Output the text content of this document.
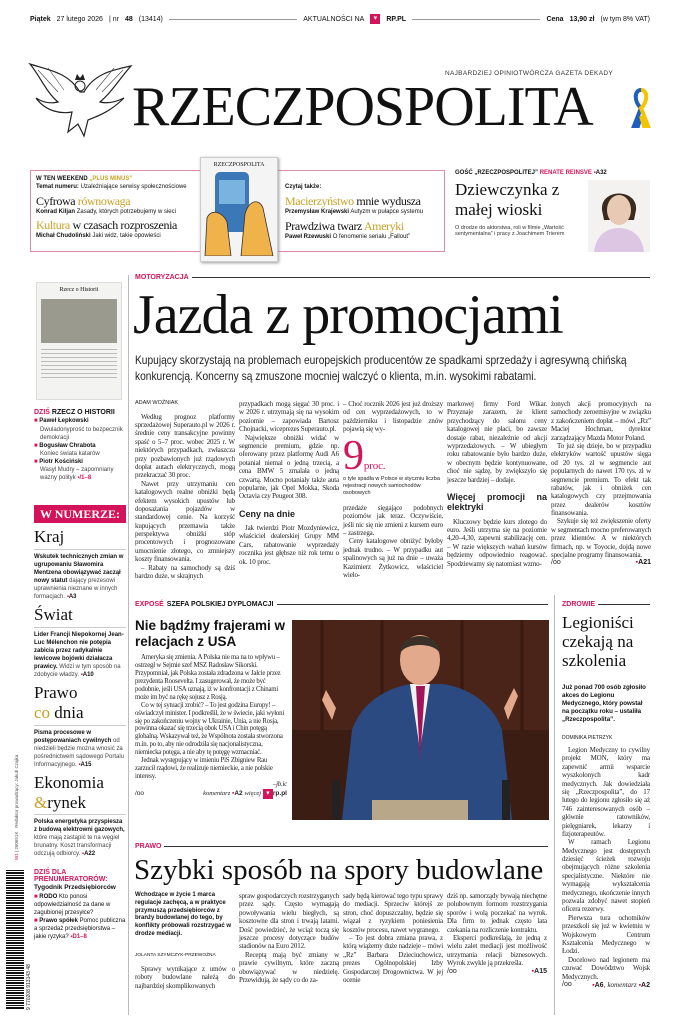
Piątek 27 lutego 2026 | nr 48 (13414)	AKTUALNOŚCI NA	▾	RP.PL	Cena 13,90 zł (w tym 8% VAT)
RZECZPOSPOLITA
NAJBARDZIEJ OPINIOTWÓRCZA GAZETA DEKADY
W TEN WEEKEND „PLUS MINUS”
Temat numeru: Uzależniające serwisy społecznościowe
Cyfrowa równowaga
Konrad Kiljan Zasady, których potrzebujemy w sieci
Kultura w czasach rozproszenia
Michał Chudoliński Jaki widz, takie opowieści
RZECZPOSPOLITA
Czytaj także:
Macierzyństwo mnie wydusza
Przemysław Krajewski Autyzm w pułapce systemu
Prawdziwa twarz Ameryki
Paweł Rzewuski O fenomenie serialu „Fallout”
GOŚĆ „RZECZPOSPOLITEJ” RENATE REINSVE ▪A32
Dziewczynka z małej wioski
O drodze do aktorstwa, roli w filmie „Wartość sentymentalna” i pracy z Joachimem Trierem
Rzecz o Historii
DZIŚ RZECZ O HISTORII
■ Paweł Łepkowski
Dwuladonyprość to bezpecznik demokracji
■ Bogusław Chrabota
Koniec świata katarów
■ Piotr Kościński
Wasyl Mudry – zapomniany wazny polityk ▪/1–8
W NUMERZE:
Kraj
Wskutek technicznych zmian w ugrupowaniu Sławomira Mentzena obowiązywać zaczął nowy statut dający prezesowi uprawnienia nieznane w innych formacjach. ▪A3
Świat
Lider Francji Niepokornej Jean-Luc Mélenchon nie potępia zabicia przez radykalnie lewicowe bojówki działacza prawicy. Widzi w tym sposób na zdobycie władzy. ▪A10
Prawo
co dnia
Pisma procesowe w postępowaniach cywilnych od niedzieli będzie można wnosić za pośrednictwem sądowego Portalu Informacyjnego. ▪A15
Ekonomia
&rynek
Polska energetyka przyspiesza z budową elektrowni gazowych, które mają zastąpić te na węgiel brunatny. Koszt transformacji odczują odbiorcy. ▪A22
DZIŚ DLA PRENUMERATORÓW:
Tygodnik Przedsiębiorców
■ RODO Kto ponosi odpowiedzialność za dane w zagubionej przesyłce?
■ Prawo spółek Pomoc publiczna a sprzedaż przedsiębiorstwa – jakie ryzyka? ▪D1–8
W1 | 260651K   Redaktor prowadzący: Jakub Czajka
9 770208 913143 48
MOTORYZACJA
Jazda z promocjami
Kupujący skorzystają na problemach europejskich producentów ze spadkami sprzedaży i agresywną chińską konkurencją. Koncerny są zmuszone mocniej walczyć o klienta, m.in. wysokimi rabatami.
ADAM WOŹNIAK

Według prognoz platformy sprzedażowej Superauto.pl w 2026 r. średnie ceny transakcyjne powinny spaść o 5–7 proc. wobec 2025 r. W niektórych przypadkach, zwłaszcza przy pozbawionych już rządowych dopłat autach elektrycznych, mogą przekraczać 30 proc.

Nawet przy utrzymaniu cen katalogowych realne obniżki będą efektem wysokich upustów lub doposażania pojazdów w standardowej cenie. Na korzyść kupujących przemawia także perspektywa obniżki stóp procentowych i prognozowane umocnienie złotego, co zmniejszy koszty finansowania.

– Rabaty na samochody są dziś bardzo duże, w skrajnych

przypadkach mogą sięgać 30 proc. i w 2026 r. utrzymają się na wysokim poziomie – zapowiada Bartosz Chojnacki, wiceprezes Superauto.pl.

Największe obniżki widać w segmencie premium, gdzie np. oferowany przez platformę Audi A6 potaniał niemal o jedną trzecią, a cena BMW 5 zmalała o jedną czwartą. Mocno potaniały także auta popularne, jak Opel Mokka, Skoda Octavia czy Peugeot 308.

Ceny na dnie

Jak twierdzi Piotr Mozdyniewicz, właściciel dealerskiej Grupy MM Cars, rabatowanie wyprzedaży rocznika jest głębsze niż rok temu o ok. 10 proc.

– Choć rocznik 2026 jest już droższy od cen wyprzedażowych, to w październiku i listopadzie znów pojawią się wy-

9proc.
o tyle spadła w Polsce w styczniu liczba rejestracji nowych samochodów osobowych

przedaże sięgające podobnych poziomów jak teraz. Oczywiście, jeśli nic się nie zmieni z kursem euro – zastrzega.

Ceny katalogowe obniżyć byłoby jednak trudno. – W przypadku aut spalinowych są już na dnie – uważa Kazimierz Żytkowicz, właściciel wielo-

markowej firmy Ford Wikar. Przyznaje zarazem, że klient przychodzący do salonu ceny katalogowej nie płaci, bo zawsze dostaje rabat, niezależnie od akcji wyprzedażowych. – W ubiegłym roku rabatowanie było bardzo duże, w obecnym będzie kontynuowane, choć nie sądzę, by zwiększyło się jeszcze bardziej – dodaje.

Więcej promocji na elektryki

Kluczowy będzie kurs złotego do euro. Jeśli utrzyma się na poziomie 4,20–4,30, zapewni stabilizację cen. – W razie większych wahań kursów będziemy odpowiednio reagować. Spodziewamy się natomiast wzmo-

żonych akcji promocyjnych na samochody zeroemisyjne w związku z zakończeniem dopłat – mówi „Rz” Maciej Hochman, dyrektor zarządzający Mazda Motor Poland.

To już się dzieje, bo w przypadku elektryków wartość upustów sięga od 20 tys. zł w segmencie aut popularnych do nawet 170 tys. zł w segmencie premium. To efekt tak rabatów, jak i obniżek cen katalogowych czy przejmowania przez dealerów kosztów finansowania.

Szykuje się też zwiększenie oferty w segmentach mocno preferowanych przez klientów. A w niektórych firmach, np. w Toyocie, dojdą nowe specjalne programy finansowania.

/oo	▪A21
EXPOSÉ SZEFA POLSKIEJ DYPLOMACJI
Nie bądźmy frajerami w relacjach z USA

Ameryka się zmienia. A Polska nie ma na to wpływu – ostrzegł w Sejmie szef MSZ Radosław Sikorski. Przypomniał, jak Polska została zdradzona w Jałcie przez prezydenta Roosevelta. I zasugerował, że może być podobnie, jeśli USA uznają, iż w konfrontacji z Chinami może im być na rękę sojusz z Rosją.

Co w tej sytuacji zrobić? – To jest godzina Europy! – oświadczył minister. I podkreślił, że w świecie, jaki wyłoni się po zakończeniu wojny w Ukrainie, Unia, a nie Rosja, powinna okazać się trzecią obok USA i Chin potęgą globalną. Wskazywał też, że Wspólnota została stworzona m.in. po to, aby nie odrodziła się nacjonalistyczna, niemiecka potęga, a nie aby tę potęgę wzmacniać.

Jednak występujący w imieniu PiS Zbigniew Rau zarzucił rządowi, że realizuje niemieckie, a nie polskie interesy.

–jb.ic
/oo	komentarz ▪A2 więcej ▾ rp.pl
ZDROWIE
Legioniści czekają na szkolenia
Już ponad 700 osób zgłosiło akces do Legionu Medycznego, który powstał na początku roku – ustaliła „Rzeczpospolita”.
DOMINIKA PIETRZYK

Legion Medyczny to cywilny projekt MON, który ma zapewnić armii wsparcie wyszkolonych kadr medycznych. Jak dowiedziała się „Rzeczpospolita”, do 17 lutego do legionu zgłosiło się aż 746 zainteresowanych osób – głównie ratowników, pielęgniarek, lekarzy i fizjoterapeutów.

W ramach Legionu Medycznego jest dostępnych dziesięć ścieżek rozwoju obejmujących różne szkolenia specjalistyczne. Niektóre nie wymagają wykształcenia medycznego, ukończenie innych pozwala zdobyć nawet stopień oficera rezerwy.

Pierwsza tura ochotników przeszkoli się już w kwietniu w Wojskowym Centrum Kształcenia Medycznego w Łodzi.

Docelowo nad legionem ma czuwać Dowództwo Wojsk Medycznych.

/oo	▪A6, komentarz ▪A2
PRAWO
Szybki sposób na spory budowlane
Wchodzące w życie 1 marca regulacje zachęcą, a w praktyce przymuszą przedsiębiorców z branży budowlanej do tego, by konflikty próbowali rozstrzygać w drodze mediacji.
JOLANTA SZYMCZYK-PRZEWOŹNA

Sprawy wynikające z umów o roboty budowlane należą do najbardziej skomplikowanych

spraw gospodarczych rozstrzyganych przez sądy. Często wymagają powoływania wielu biegłych, są kosztowne dla stron i trwają latami. Dość powiedzieć, że wciąż toczą się jeszcze procesy dotyczące budów stadionów na Euro 2012.

Receptą mają być zmiany w prawie cywilnym, które zaczną obowiązywać w niedzielę. Przewidują, że sądy co do za-

sady będą kierować tego typu sprawy do mediacji. Sprzeciw którejś ze stron, choć dopuszczalny, będzie się wiązał z ryzykiem poniesienia kosztów procesu, nawet wygranego.

– To jest dobra zmiana prawa, z którą wiążemy duże nadzieje – mówi „Rz” Barbara Dzieciuchowicz, prezes Ogólnopolskiej Izby Gospodarczej Drogownictwa. W jej ocenie

dziś np. samorządy bywają niechętne polubownym formom rozstrzygania sporów i wolą poczekać na wyrok. Dla firm to jednak często lata czekania na rozliczenie kontraktu.

Eksperci podkreślają, że jedną z wielu zalet mediacji jest możliwość utrzymania relacji biznesowych. Wyrok zwykle ją przekreśla.

/oo	▪A15
